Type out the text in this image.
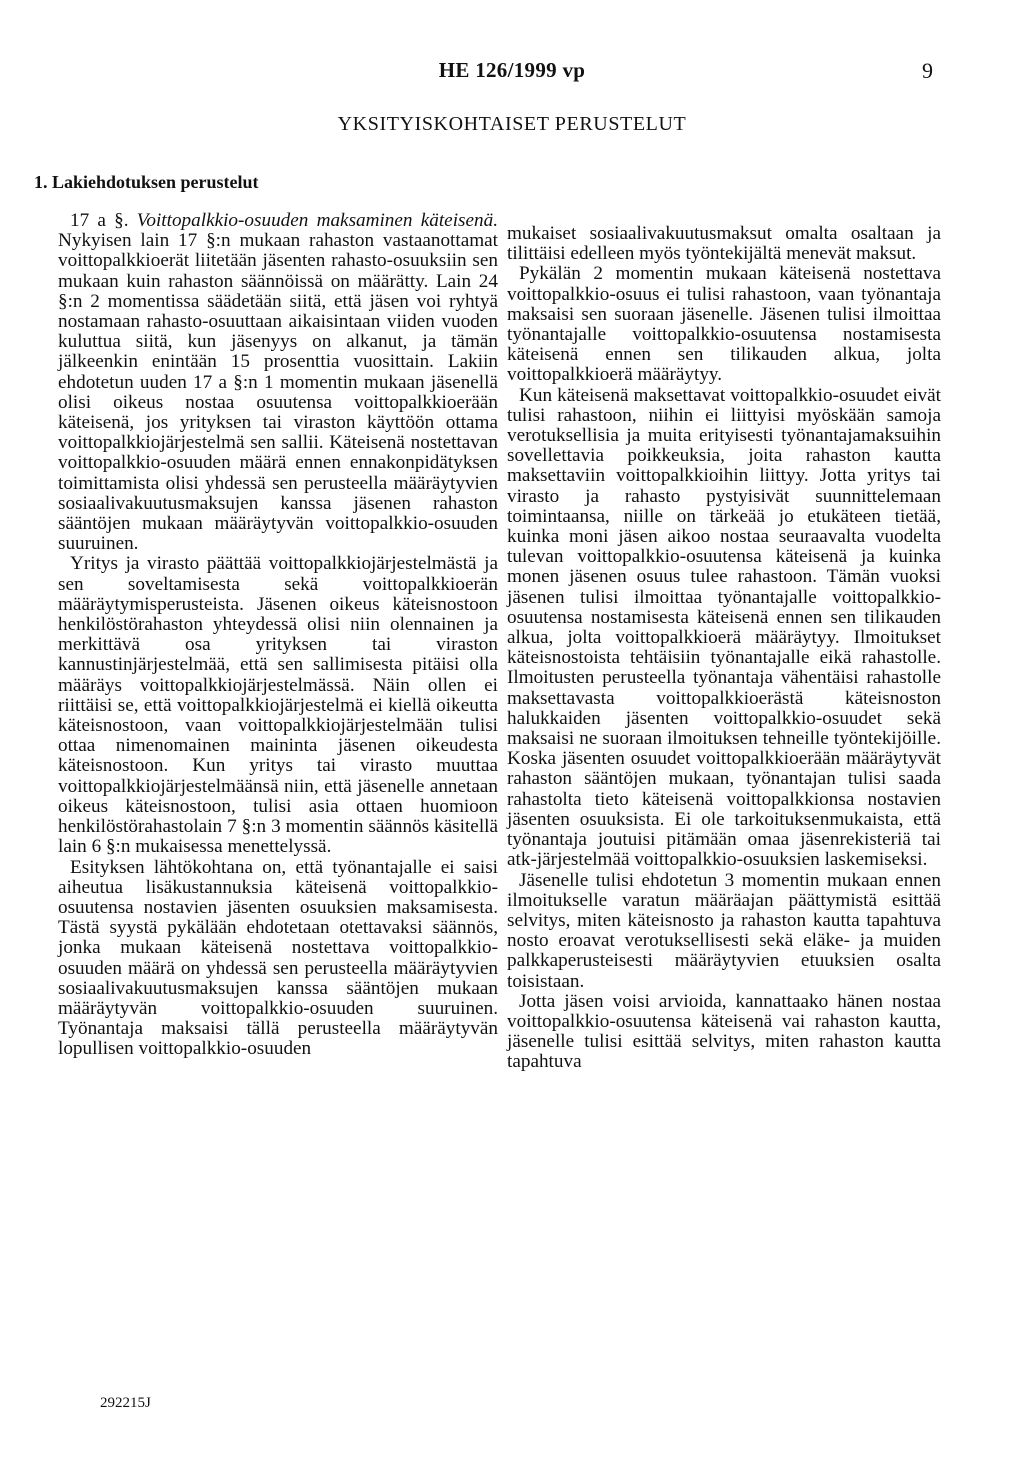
HE 126/1999 vp	9
YKSITYISKOHTAISET PERUSTELUT
1. Lakiehdotuksen perustelut

17 a §. Voittopalkkio-osuuden maksaminen käteisenä. Nykyisen lain 17 §:n mukaan rahaston vastaanottamat voittopalkkioerät liitetään jäsenten rahasto-osuuksiin sen mukaan kuin rahaston säännöissä on määrätty. Lain 24 §:n 2 momentissa säädetään siitä, että jäsen voi ryhtyä nostamaan rahasto-osuuttaan aikaisintaan viiden vuoden kuluttua siitä, kun jäsenyys on alkanut, ja tämän jälkeenkin enintään 15 prosenttia vuosittain. Lakiin ehdotetun uuden 17 a §:n 1 momentin mukaan jäsenellä olisi oikeus nostaa osuutensa voittopalkkioerään käteisenä, jos yrityksen tai viraston käyttöön ottama voittopalkkiojärjestelmä sen sallii. Käteisenä nostettavan voittopalkkio-osuuden määrä ennen ennakonpidätyksen toimittamista olisi yhdessä sen perusteella määräytyvien sosiaalivakuutusmaksujen kanssa jäsenen rahaston sääntöjen mukaan määräytyvän voittopalkkio-osuuden suuruinen.

Yritys ja virasto päättää voittopalkkiojärjestelmästä ja sen soveltamisesta sekä voittopalkkioerän määräytymisperusteista. Jäsenen oikeus käteisnostoon henkilöstörahaston yhteydessä olisi niin olennainen ja merkittävä osa yrityksen tai viraston kannustinjärjestelmää, että sen sallimisesta pitäisi olla määräys voittopalkkiojärjestelmässä. Näin ollen ei riittäisi se, että voittopalkkiojärjestelmä ei kiellä oikeutta käteisnostoon, vaan voittopalkkiojärjestelmään tulisi ottaa nimenomainen maininta jäsenen oikeudesta käteisnostoon. Kun yritys tai virasto muuttaa voittopalkkiojärjestelmäänsä niin, että jäsenelle annetaan oikeus käteisnostoon, tulisi asia ottaen huomioon henkilöstörahastolain 7 §:n 3 momentin säännös käsitellä lain 6 §:n mukaisessa menettelyssä.

Esityksen lähtökohtana on, että työnantajalle ei saisi aiheutua lisäkustannuksia käteisenä voittopalkkio-osuutensa nostavien jäsenten osuuksien maksamisesta. Tästä syystä pykälään ehdotetaan otettavaksi säännös, jonka mukaan käteisenä nostettava voittopalkkio-osuuden määrä on yhdessä sen perusteella määräytyvien sosiaalivakuutusmaksujen kanssa sääntöjen mukaan määräytyvän voittopalkkio-osuuden suuruinen. Työnantaja maksaisi tällä perusteella määräytyvän lopullisen voittopalkkio-osuuden

mukaiset sosiaalivakuutusmaksut omalta osaltaan ja tilittäisi edelleen myös työntekijältä menevät maksut.

Pykälän 2 momentin mukaan käteisenä nostettava voittopalkkio-osuus ei tulisi rahastoon, vaan työnantaja maksaisi sen suoraan jäsenelle. Jäsenen tulisi ilmoittaa työnantajalle voittopalkkio-osuutensa nostamisesta käteisenä ennen sen tilikauden alkua, jolta voittopalkkioerä määräytyy.

Kun käteisenä maksettavat voittopalkkio-osuudet eivät tulisi rahastoon, niihin ei liittyisi myöskään samoja verotuksellisia ja muita erityisesti työnantajamaksuihin sovellettavia poikkeuksia, joita rahaston kautta maksettaviin voittopalkkioihin liittyy. Jotta yritys tai virasto ja rahasto pystyisivät suunnittelemaan toimintaansa, niille on tärkeää jo etukäteen tietää, kuinka moni jäsen aikoo nostaa seuraavalta vuodelta tulevan voittopalkkio-osuutensa käteisenä ja kuinka monen jäsenen osuus tulee rahastoon. Tämän vuoksi jäsenen tulisi ilmoittaa työnantajalle voittopalkkio-osuutensa nostamisesta käteisenä ennen sen tilikauden alkua, jolta voittopalkkioerä määräytyy. Ilmoitukset käteisnostoista tehtäisiin työnantajalle eikä rahastolle. Ilmoitusten perusteella työnantaja vähentäisi rahastolle maksettavasta voittopalkkioerästä käteisnoston halukkaiden jäsenten voittopalkkio-osuudet sekä maksaisi ne suoraan ilmoituksen tehneille työntekijöille. Koska jäsenten osuudet voittopalkkioerään määräytyvät rahaston sääntöjen mukaan, työnantajan tulisi saada rahastolta tieto käteisenä voittopalkkionsa nostavien jäsenten osuuksista. Ei ole tarkoituksenmukaista, että työnantaja joutuisi pitämään omaa jäsenrekisteriä tai atk-järjestelmää voittopalkkio-osuuksien laskemiseksi.

Jäsenelle tulisi ehdotetun 3 momentin mukaan ennen ilmoitukselle varatun määräajan päättymistä esittää selvitys, miten käteisnosto ja rahaston kautta tapahtuva nosto eroavat verotuksellisesti sekä eläke- ja muiden palkkaperusteisesti määräytyvien etuuksien osalta toisistaan.

Jotta jäsen voisi arvioida, kannattaako hänen nostaa voittopalkkio-osuutensa käteisenä vai rahaston kautta, jäsenelle tulisi esittää selvitys, miten rahaston kautta tapahtuva

292215J
